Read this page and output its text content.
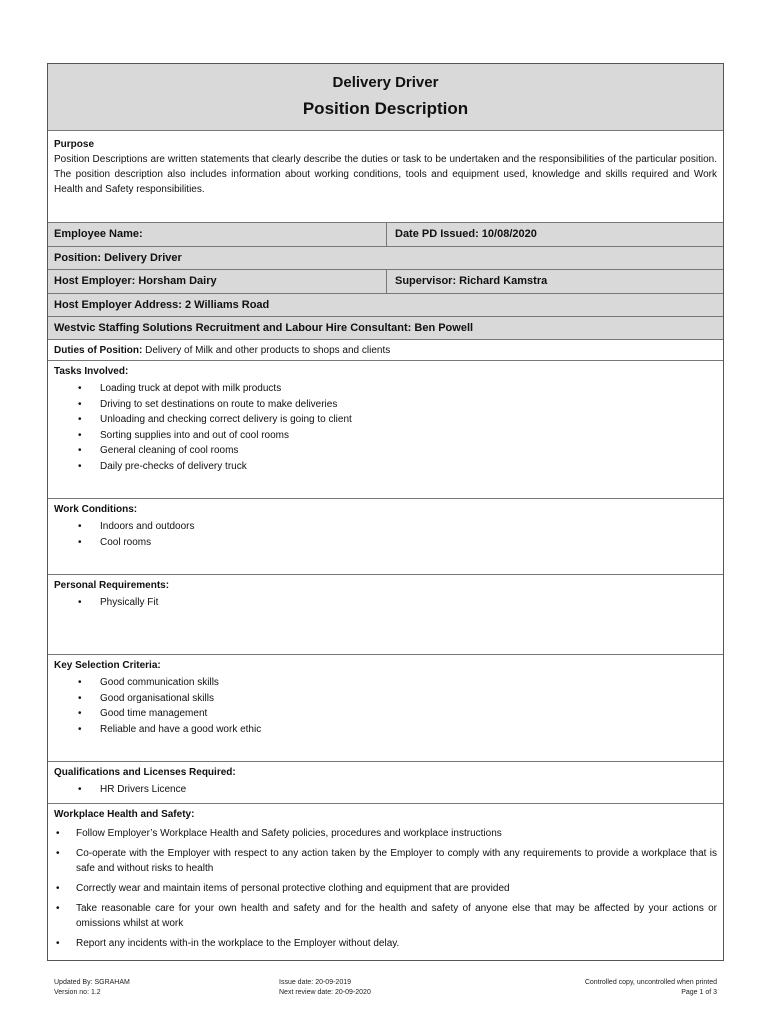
Delivery Driver
Position Description
Purpose
Position Descriptions are written statements that clearly describe the duties or task to be undertaken and the responsibilities of the particular position. The position description also includes information about working conditions, tools and equipment used, knowledge and skills required and Work Health and Safety responsibilities.
Employee Name:	Date PD Issued: 10/08/2020
Position: Delivery Driver
Host Employer: Horsham Dairy	Supervisor: Richard Kamstra
Host Employer Address: 2 Williams Road
Westvic Staffing Solutions Recruitment and Labour Hire Consultant: Ben Powell
Duties of Position: Delivery of Milk and other products to shops and clients
Tasks Involved:
• Loading truck at depot with milk products
• Driving to set destinations on route to make deliveries
• Unloading and checking correct delivery is going to client
• Sorting supplies into and out of cool rooms
• General cleaning of cool rooms
• Daily pre-checks of delivery truck
Work Conditions:
• Indoors and outdoors
• Cool rooms
Personal Requirements:
• Physically Fit
Key Selection Criteria:
• Good communication skills
• Good organisational skills
• Good time management
• Reliable and have a good work ethic
Qualifications and Licenses Required:
• HR Drivers Licence
Workplace Health and Safety:
• Follow Employer’s Workplace Health and Safety policies, procedures and workplace instructions
• Co-operate with the Employer with respect to any action taken by the Employer to comply with any requirements to provide a workplace that is safe and without risks to health
• Correctly wear and maintain items of personal protective clothing and equipment that are provided
• Take reasonable care for your own health and safety and for the health and safety of anyone else that may be affected by your actions or omissions whilst at work
• Report any incidents with-in the workplace to the Employer without delay.
Updated By: SGRAHAM
Version no: 1.2
Issue date: 20-09-2019
Next review date: 20-09-2020
Controlled copy, uncontrolled when printed
Page 1 of 3
